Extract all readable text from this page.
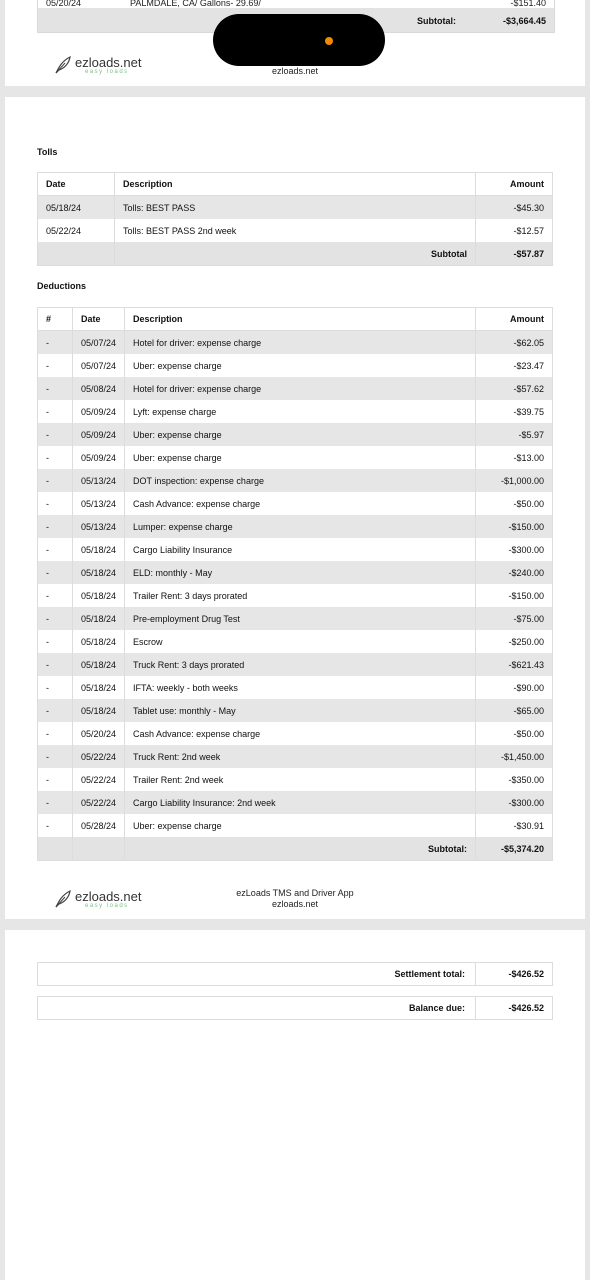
05/20/24	PALMDALE, CA/ Gallons- 29.69/	-$151.40
Subtotal:	-$3,664.45
ezloads.net
easy loads	ezloads.net
Tolls
Date	Description	Amount
05/18/24	Tolls: BEST PASS	-$45.30
05/22/24	Tolls: BEST PASS 2nd week	-$12.57
	Subtotal	-$57.87
Deductions
#	Date	Description	Amount
-	05/07/24	Hotel for driver: expense charge	-$62.05
-	05/07/24	Uber: expense charge	-$23.47
-	05/08/24	Hotel for driver: expense charge	-$57.62
-	05/09/24	Lyft: expense charge	-$39.75
-	05/09/24	Uber: expense charge	-$5.97
-	05/09/24	Uber: expense charge	-$13.00
-	05/13/24	DOT inspection: expense charge	-$1,000.00
-	05/13/24	Cash Advance: expense charge	-$50.00
-	05/13/24	Lumper: expense charge	-$150.00
-	05/18/24	Cargo Liability Insurance	-$300.00
-	05/18/24	ELD: monthly - May	-$240.00
-	05/18/24	Trailer Rent: 3 days prorated	-$150.00
-	05/18/24	Pre-employment Drug Test	-$75.00
-	05/18/24	Escrow	-$250.00
-	05/18/24	Truck Rent: 3 days prorated	-$621.43
-	05/18/24	IFTA: weekly - both weeks	-$90.00
-	05/18/24	Tablet use: monthly - May	-$65.00
-	05/20/24	Cash Advance: expense charge	-$50.00
-	05/22/24	Truck Rent: 2nd week	-$1,450.00
-	05/22/24	Trailer Rent: 2nd week	-$350.00
-	05/22/24	Cargo Liability Insurance: 2nd week	-$300.00
-	05/28/24	Uber: expense charge	-$30.91
		Subtotal:	-$5,374.20
ezloads.net
easy loads
ezLoads TMS and Driver App
ezloads.net
Settlement total:	-$426.52
Balance due:	-$426.52
